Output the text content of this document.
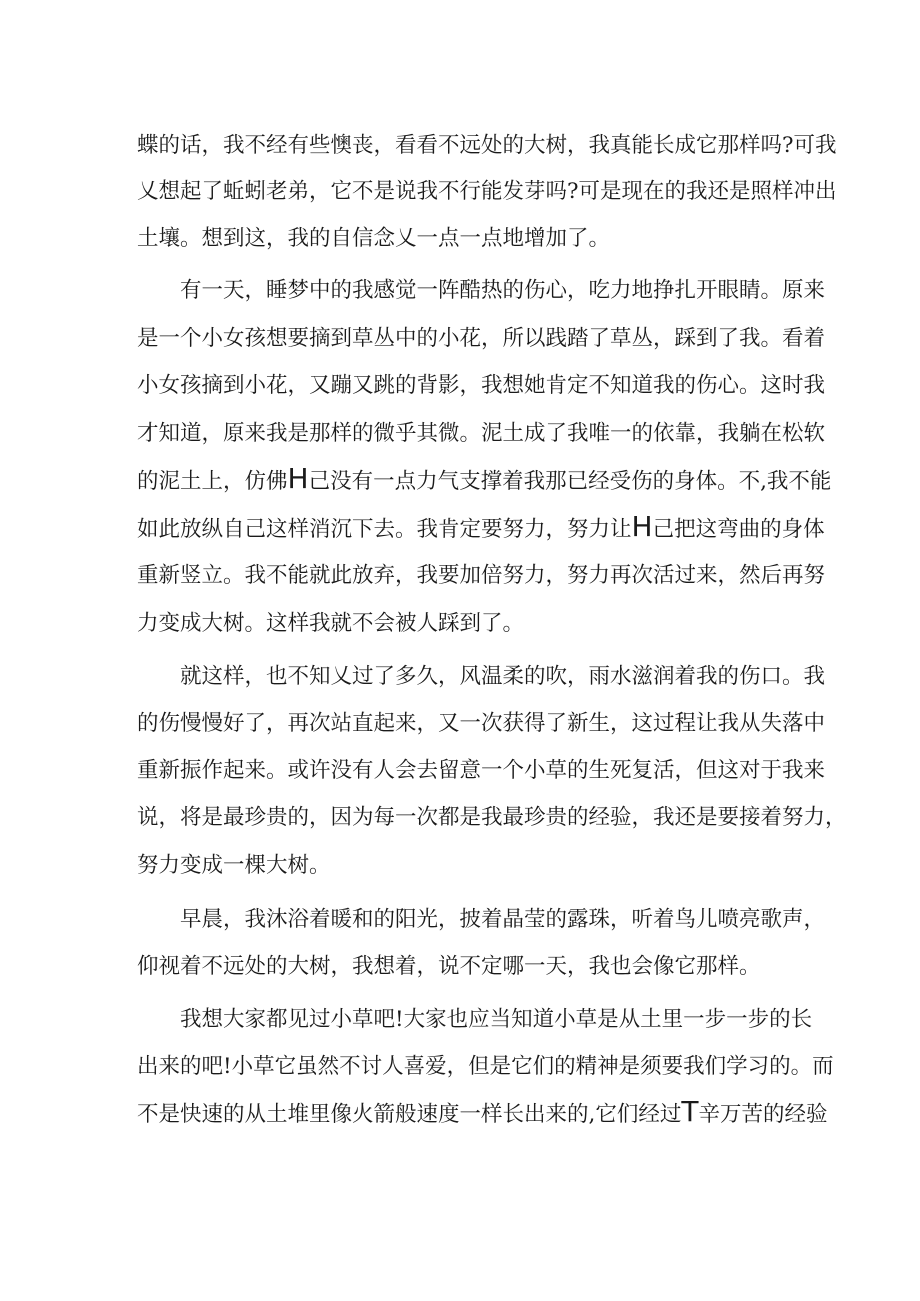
蝶的话，我不经有些懊丧，看看不远处的大树，我真能长成它那样吗?可我
乂想起了蚯蚓老弟，它不是说我不行能发芽吗?可是现在的我还是照样冲出
土壤。想到这，我的自信念乂一点一点地增加了。
有一天，睡梦中的我感觉一阵酷热的伤心，吃力地挣扎开眼睛。原来
是一个小女孩想要摘到草丛中的小花，所以践踏了草丛，踩到了我。看着
小女孩摘到小花，又蹦又跳的背影，我想她肯定不知道我的伤心。这时我
才知道，原来我是那样的微乎其微。泥土成了我唯一的依靠，我躺在松软
的泥土上，仿佛H己没有一点力气支撑着我那已经受伤的身体。不,我不能
如此放纵自己这样消沉下去。我肯定要努力，努力让H己把这弯曲的身体
重新竖立。我不能就此放弃，我要加倍努力，努力再次活过来，然后再努
力变成大树。这样我就不会被人踩到了。
就这样，也不知乂过了多久，风温柔的吹，雨水滋润着我的伤口。我
的伤慢慢好了，再次站直起来，又一次获得了新生，这过程让我从失落中
重新振作起来。或许没有人会去留意一个小草的生死复活，但这对于我来
说，将是最珍贵的，因为每一次都是我最珍贵的经验，我还是要接着努力，
努力变成一棵大树。
早晨，我沐浴着暖和的阳光，披着晶莹的露珠，听着鸟儿喷亮歌声，
仰视着不远处的大树，我想着，说不定哪一天，我也会像它那样。
我想大家都见过小草吧!大家也应当知道小草是从土里一步一步的长
出来的吧!小草它虽然不讨人喜爱，但是它们的精神是须要我们学习的。而
不是快速的从土堆里像火箭般速度一样长出来的,它们经过T辛万苦的经验
